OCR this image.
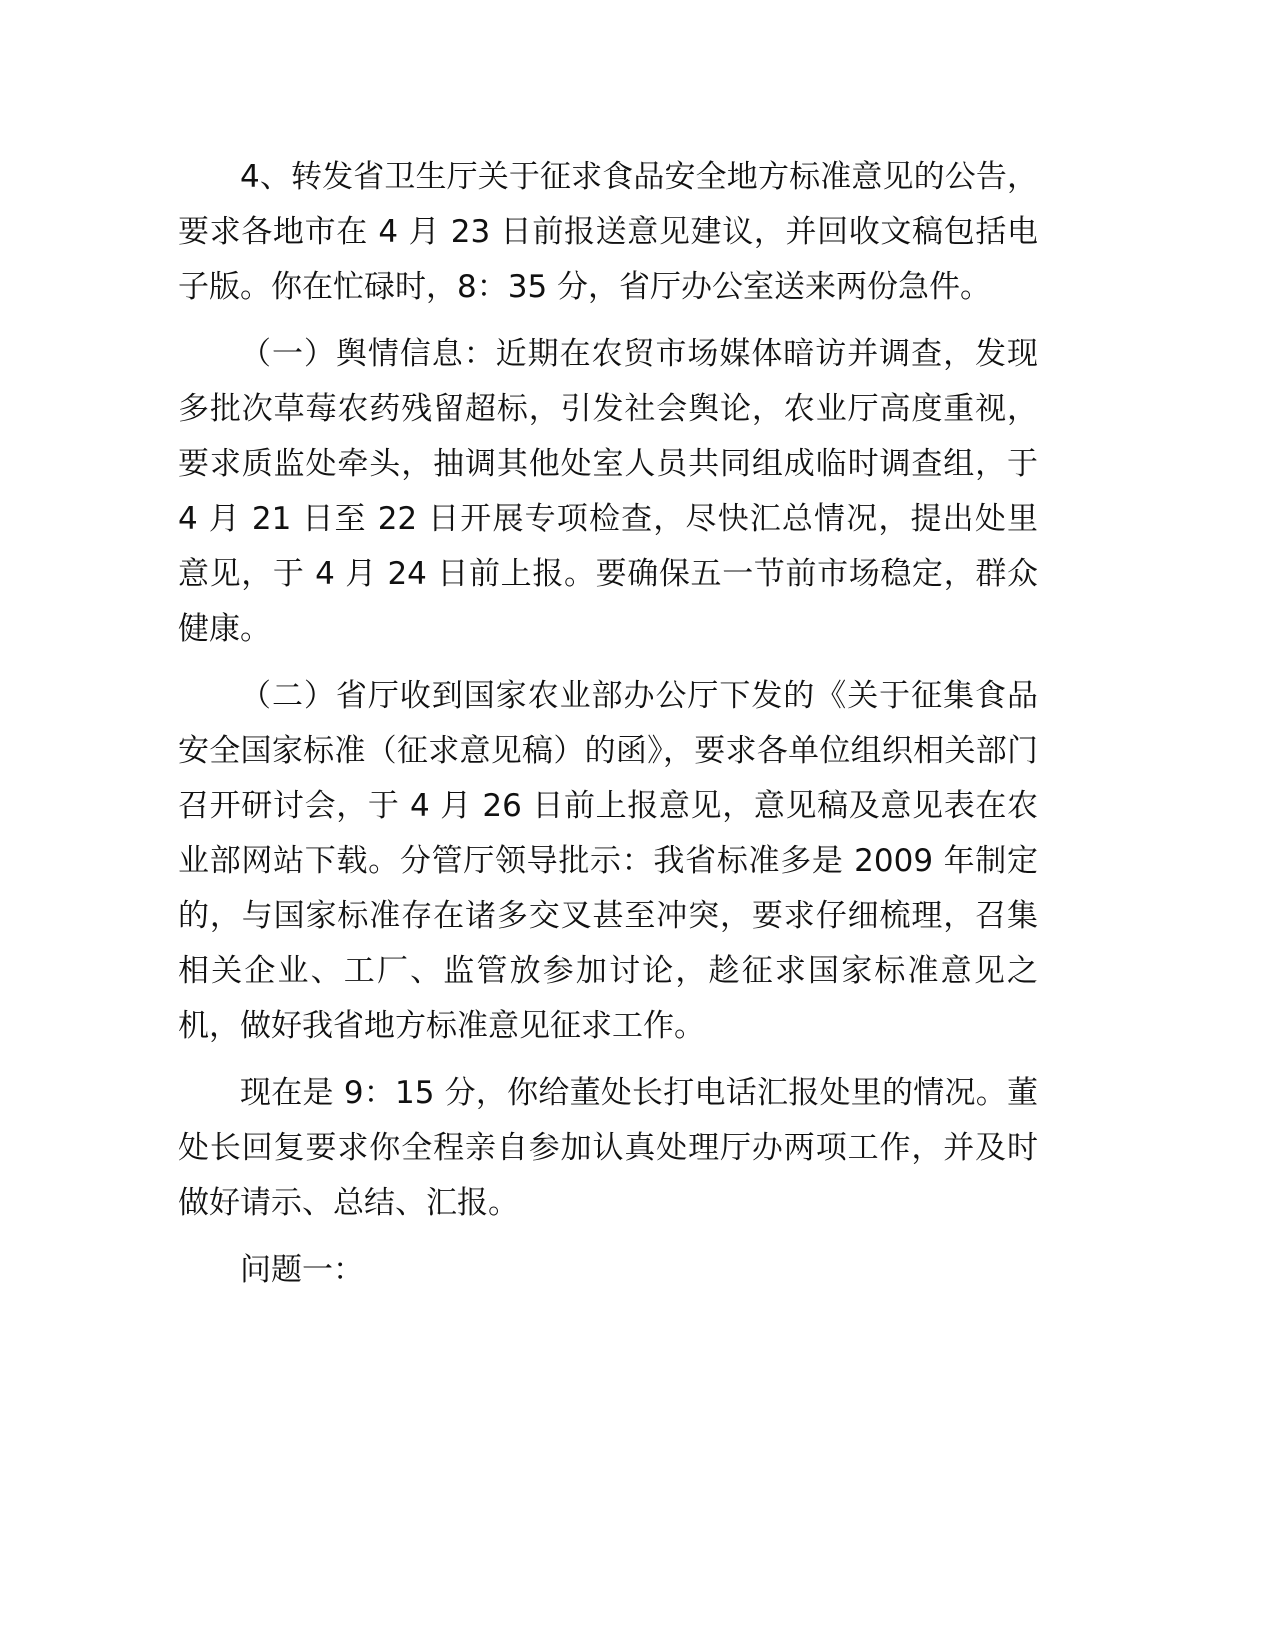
4、转发省卫生厅关于征求食品安全地方标准意见的公告，要求各地市在 4 月 23 日前报送意见建议，并回收文稿包括电子版。你在忙碌时，8：35 分，省厅办公室送来两份急件。

（一）舆情信息：近期在农贸市场媒体暗访并调查，发现多批次草莓农药残留超标，引发社会舆论，农业厅高度重视，要求质监处牵头，抽调其他处室人员共同组成临时调查组，于 4 月 21 日至 22 日开展专项检查，尽快汇总情况，提出处里意见，于 4 月 24 日前上报。要确保五一节前市场稳定，群众健康。

（二）省厅收到国家农业部办公厅下发的《关于征集食品安全国家标准（征求意见稿）的函》，要求各单位组织相关部门召开研讨会，于 4 月 26 日前上报意见，意见稿及意见表在农业部网站下载。分管厅领导批示：我省标准多是 2009 年制定的，与国家标准存在诸多交叉甚至冲突，要求仔细梳理，召集相关企业、工厂、监管放参加讨论，趁征求国家标准意见之机，做好我省地方标准意见征求工作。

现在是 9：15 分，你给董处长打电话汇报处里的情况。董处长回复要求你全程亲自参加认真处理厅办两项工作，并及时做好请示、总结、汇报。

问题一：
